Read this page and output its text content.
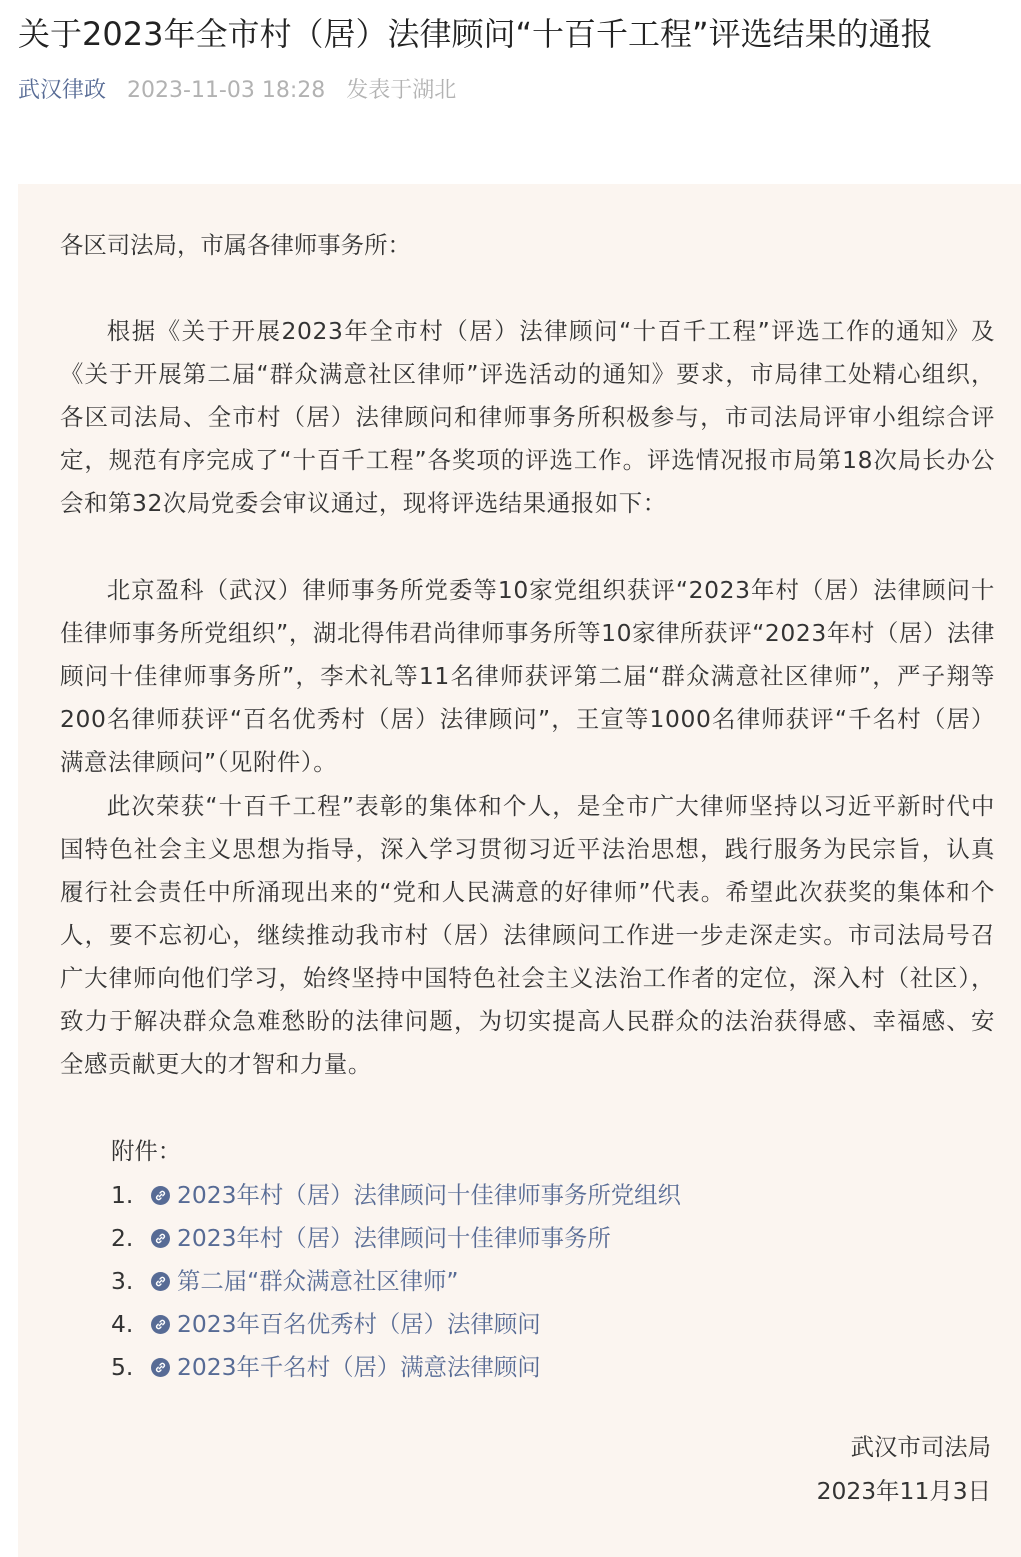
关于2023年全市村（居）法律顾问“十百千工程”评选结果的通报
武汉律政 2023-11-03 18:28 发表于湖北

各区司法局，市属各律师事务所：

根据《关于开展2023年全市村（居）法律顾问“十百千工程”评选工作的通知》及《关于开展第二届“群众满意社区律师”评选活动的通知》要求，市局律工处精心组织，各区司法局、全市村（居）法律顾问和律师事务所积极参与，市司法局评审小组综合评定，规范有序完成了“十百千工程”各奖项的评选工作。评选情况报市局第18次局长办公会和第32次局党委会审议通过，现将评选结果通报如下：

北京盈科（武汉）律师事务所党委等10家党组织获评“2023年村（居）法律顾问十佳律师事务所党组织”，湖北得伟君尚律师事务所等10家律所获评“2023年村（居）法律顾问十佳律师事务所”，李术礼等11名律师获评第二届“群众满意社区律师”，严子翔等200名律师获评“百名优秀村（居）法律顾问”，王宣等1000名律师获评“千名村（居）满意法律顾问”（见附件）。

此次荣获“十百千工程”表彰的集体和个人，是全市广大律师坚持以习近平新时代中国特色社会主义思想为指导，深入学习贯彻习近平法治思想，践行服务为民宗旨，认真履行社会责任中所涌现出来的“党和人民满意的好律师”代表。希望此次获奖的集体和个人，要不忘初心，继续推动我市村（居）法律顾问工作进一步走深走实。市司法局号召广大律师向他们学习，始终坚持中国特色社会主义法治工作者的定位，深入村（社区），致力于解决群众急难愁盼的法律问题，为切实提高人民群众的法治获得感、幸福感、安全感贡献更大的才智和力量。

附件：
1.	2023年村（居）法律顾问十佳律师事务所党组织
2.	2023年村（居）法律顾问十佳律师事务所
3.	第二届“群众满意社区律师”
4.	2023年百名优秀村（居）法律顾问
5.	2023年千名村（居）满意法律顾问
武汉市司法局
2023年11月3日
